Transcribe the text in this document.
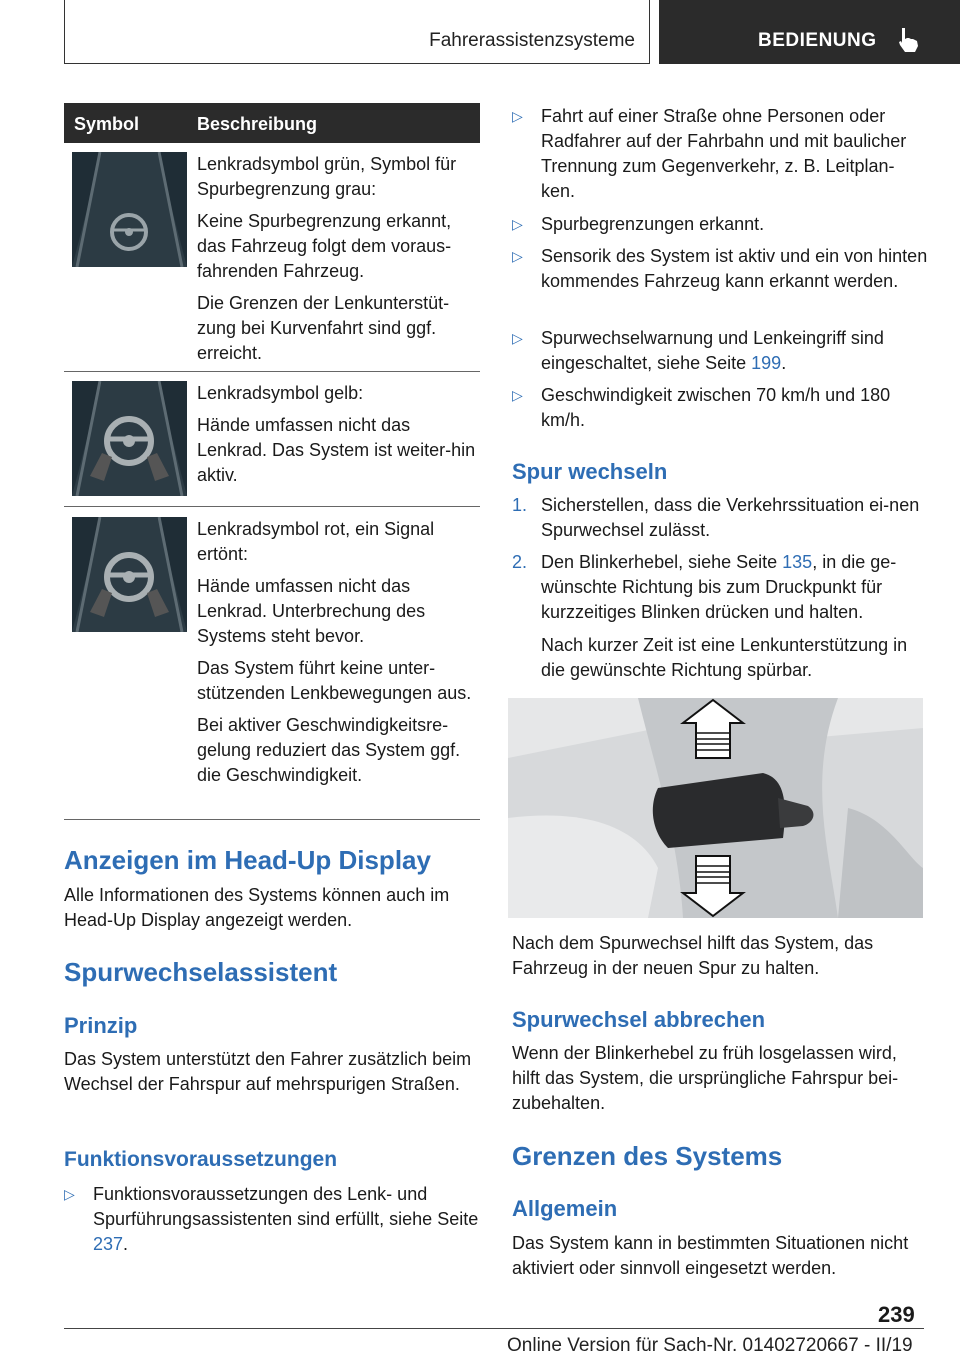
Fahrerassistenzsysteme	BEDIENUNG
Symbol	Beschreibung

Lenkradsymbol grün, Symbol für Spurbegrenzung grau:

Keine Spurbegrenzung erkannt, das Fahrzeug folgt dem voraus-fahrenden Fahrzeug.

Die Grenzen der Lenkunterstüt-zung bei Kurvenfahrt sind ggf. erreicht.

Lenkradsymbol gelb:

Hände umfassen nicht das Lenkrad. Das System ist weiter-hin aktiv.

Lenkradsymbol rot, ein Signal ertönt:

Hände umfassen nicht das Lenkrad. Unterbrechung des Systems steht bevor.

Das System führt keine unter-stützenden Lenkbewegungen aus.

Bei aktiver Geschwindigkeitsre-gelung reduziert das System ggf. die Geschwindigkeit.

Anzeigen im Head-Up Display
Alle Informationen des Systems können auch im Head-Up Display angezeigt werden.
Spurwechselassistent
Prinzip
Das System unterstützt den Fahrer zusätzlich beim Wechsel der Fahrspur auf mehrspurigen Straßen.
Funktionsvoraussetzungen
▷ Funktionsvoraussetzungen des Lenk- und Spurführungsassistenten sind erfüllt, siehe Seite 237.
▷ Fahrt auf einer Straße ohne Personen oder Radfahrer auf der Fahrbahn und mit baulicher Trennung zum Gegenverkehr, z. B. Leitplan-ken.
▷ Spurbegrenzungen erkannt.
▷ Sensorik des System ist aktiv und ein von hinten kommendes Fahrzeug kann erkannt werden.
▷ Spurwechselwarnung und Lenkeingriff sind eingeschaltet, siehe Seite 199.
▷ Geschwindigkeit zwischen 70 km/h und 180 km/h.
Spur wechseln
1. Sicherstellen, dass die Verkehrssituation ei-nen Spurwechsel zulässt.
2. Den Blinkerhebel, siehe Seite 135, in die ge-wünschte Richtung bis zum Druckpunkt für kurzzeitiges Blinken drücken und halten.
Nach kurzer Zeit ist eine Lenkunterstützung in die gewünschte Richtung spürbar.
Nach dem Spurwechsel hilft das System, das Fahrzeug in der neuen Spur zu halten.
Spurwechsel abbrechen
Wenn der Blinkerhebel zu früh losgelassen wird, hilft das System, die ursprüngliche Fahrspur bei-zubehalten.
Grenzen des Systems
Allgemein
Das System kann in bestimmten Situationen nicht aktiviert oder sinnvoll eingesetzt werden.
239
Online Version für Sach-Nr. 01402720667 - II/19
